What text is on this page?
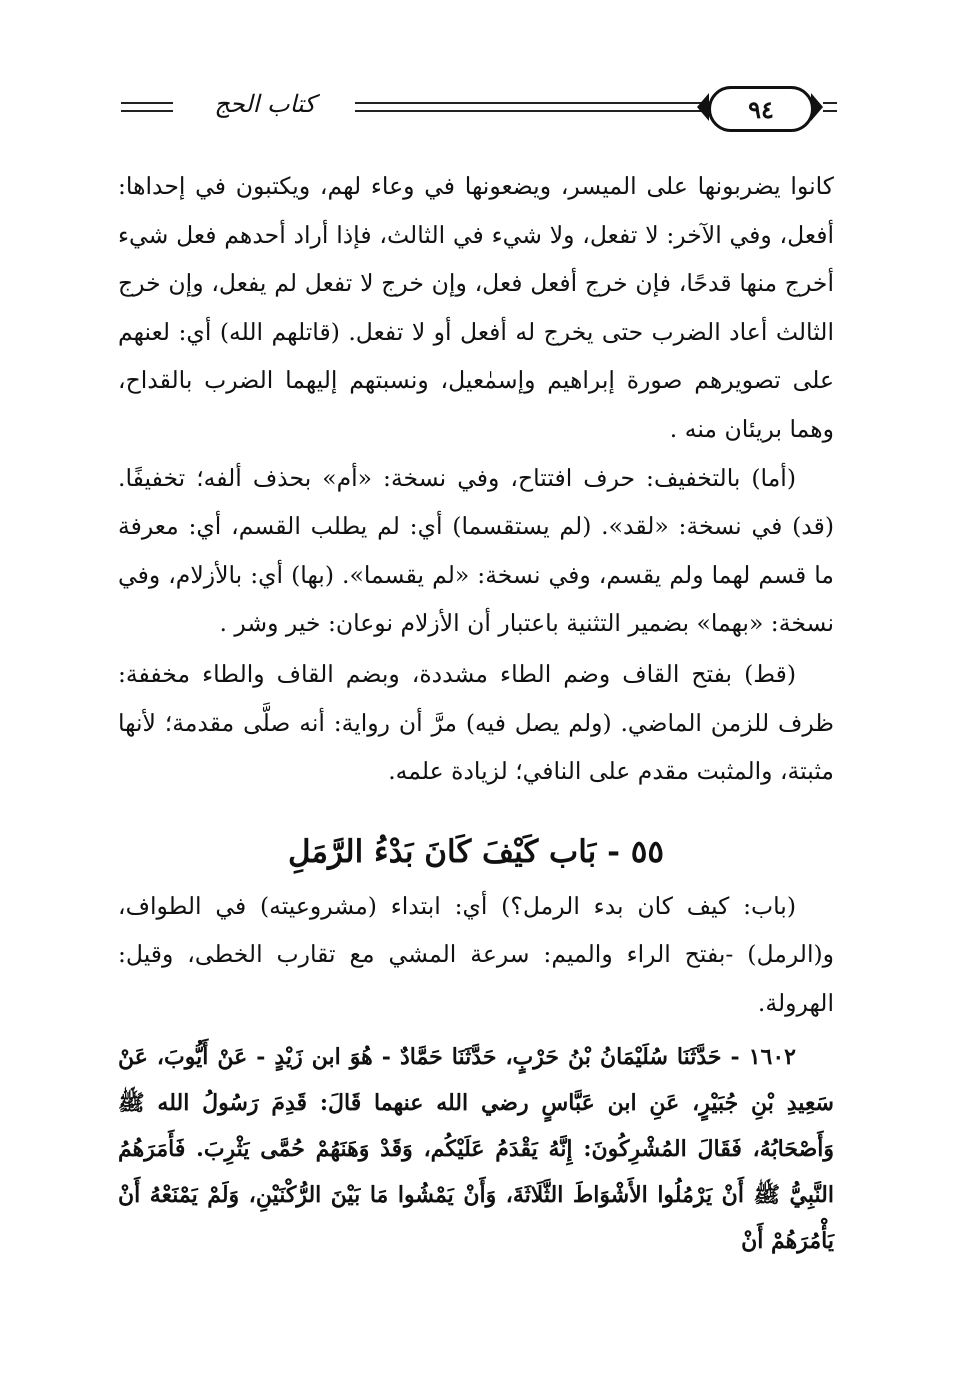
كتاب الحج	٩٤

كانوا يضربونها على الميسر، ويضعونها في وعاء لهم، ويكتبون في إحداها: أفعل، وفي الآخر: لا تفعل، ولا شيء في الثالث، فإذا أراد أحدهم فعل شيء أخرج منها قدحًا، فإن خرج أفعل فعل، وإن خرج لا تفعل لم يفعل، وإن خرج الثالث أعاد الضرب حتى يخرج له أفعل أو لا تفعل. (قاتلهم الله) أي: لعنهم على تصويرهم صورة إبراهيم وإسمٰعيل، ونسبتهم إليهما الضرب بالقداح، وهما بريئان منه .

(أما) بالتخفيف: حرف افتتاح، وفي نسخة: «أم» بحذف ألفه؛ تخفيفًا. (قد) في نسخة: «لقد». (لم يستقسما) أي: لم يطلب القسم، أي: معرفة ما قسم لهما ولم يقسم، وفي نسخة: «لم يقسما». (بها) أي: بالأزلام، وفي نسخة: «بهما» بضمير التثنية باعتبار أن الأزلام نوعان: خير وشر .

(قط) بفتح القاف وضم الطاء مشددة، وبضم القاف والطاء مخففة: ظرف للزمن الماضي. (ولم يصل فيه) مرَّ أن رواية: أنه صلَّى مقدمة؛ لأنها مثبتة، والمثبت مقدم على النافي؛ لزيادة علمه.

٥٥ - بَاب كَيْفَ كَانَ بَدْءُ الرَّمَلِ

(باب: كيف كان بدء الرمل؟) أي: ابتداء (مشروعيته) في الطواف، و(الرمل) -بفتح الراء والميم: سرعة المشي مع تقارب الخطى، وقيل: الهرولة.

١٦٠٢ - حَدَّثَنَا سُلَيْمَانُ بْنُ حَرْبٍ، حَدَّثَنَا حَمَّادٌ - هُوَ ابن زَيْدٍ - عَنْ أَيُّوبَ، عَنْ سَعِيدِ بْنِ جُبَيْرٍ، عَنِ ابن عَبَّاسٍ رضي الله عنهما قَالَ: قَدِمَ رَسُولُ الله ﷺ وَأَصْحَابُهُ، فَقَالَ المُشْرِكُونَ: إِنَّهُ يَقْدَمُ عَلَيْكُم، وَقَدْ وَهَنَهُمْ حُمَّى يَثْرِبَ. فَأَمَرَهُمُ النَّبِيُّ ﷺ أَنْ يَرْمُلُوا الأَشْوَاطَ الثَّلَاثَةَ، وَأَنْ يَمْشُوا مَا بَيْنَ الرُّكْنَيْنِ، وَلَمْ يَمْنَعْهُ أَنْ يَأْمُرَهُمْ أَنْ
